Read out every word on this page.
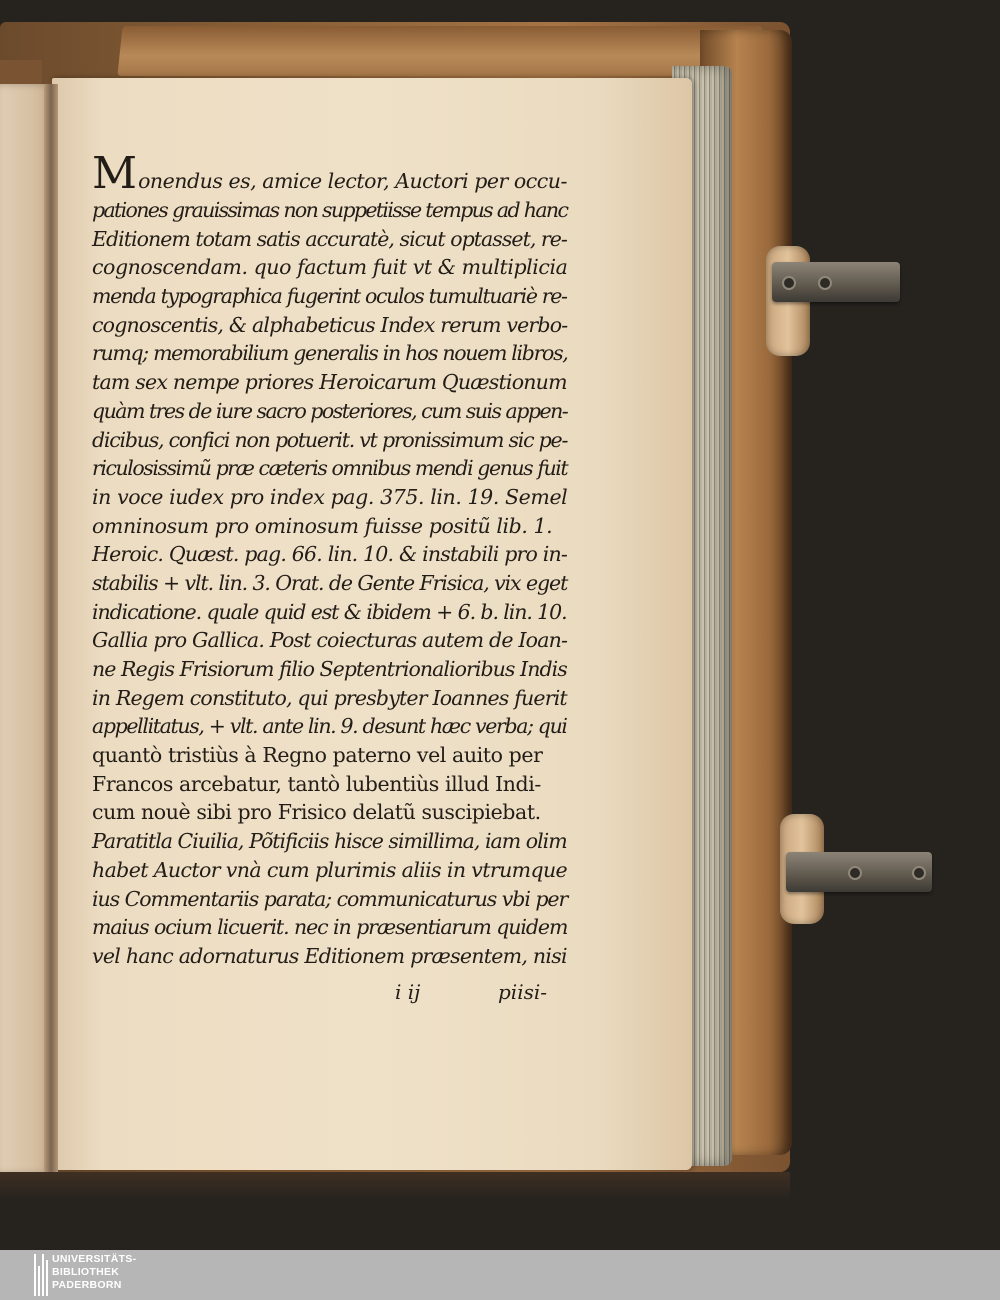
Monendus es, amice lector, Auctori per occu-
pationes grauissimas non suppetiisse tempus ad hanc
Editionem totam satis accuratè, sicut optasset, re-
cognoscendam. quo factum fuit vt & multiplicia
menda typographica fugerint oculos tumultuariè re-
cognoscentis, & alphabeticus Index rerum verbo-
rumq; memorabilium generalis in hos nouem libros,
tam sex nempe priores Heroicarum Quæstionum
quàm tres de iure sacro posteriores, cum suis appen-
dicibus, confici non potuerit. vt pronissimum sic pe-
riculosissimũ præ cæteris omnibus mendi genus fuit
in voce iudex pro index pag. 375. lin. 19. Semel
omninosum pro ominosum fuisse positũ lib. 1.
Heroic. Quæst. pag. 66. lin. 10. & instabili pro in-
stabilis + vlt. lin. 3. Orat. de Gente Frisica, vix eget
indicatione. quale quid est & ibidem + 6. b. lin. 10.
Gallia pro Gallica. Post coiecturas autem de Ioan-
ne Regis Frisiorum filio Septentrionalioribus Indis
in Regem constituto, qui presbyter Ioannes fuerit
appellitatus, + vlt. ante lin. 9. desunt hæc verba; qui
quantò tristiùs à Regno paterno vel auito per
Francos arcebatur, tantò lubentiùs illud Indi-
cum nouè sibi pro Frisico delatũ suscipiebat.
Paratitla Ciuilia, Põtificiis hisce simillima, iam olim
habet Auctor vnà cum plurimis aliis in vtrumque
ius Commentariis parata; communicaturus vbi per
maius ocium licuerit. nec in præsentiarum quidem
vel hanc adornaturus Editionem præsentem, nisi
i ij	piisi-
UNIVERSITÄTS-
BIBLIOTHEK
PADERBORN
